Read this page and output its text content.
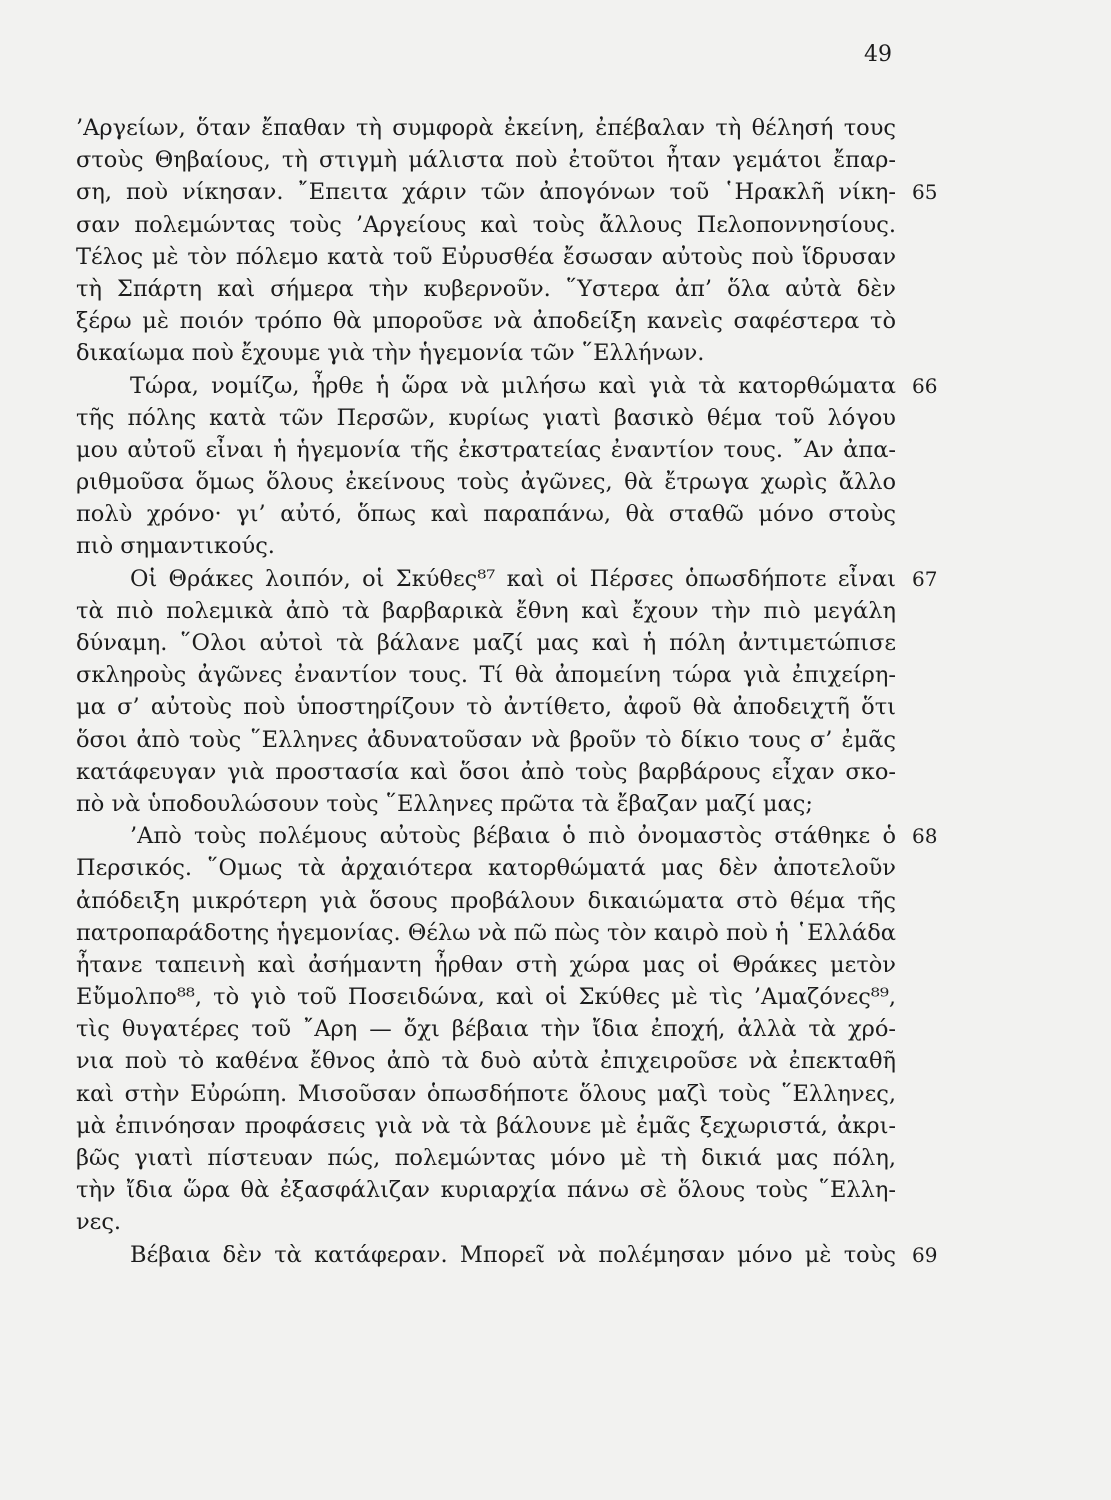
49
’Αργείων, ὅταν ἔπαθαν τὴ συμφορὰ ἐκείνη, ἐπέβαλαν τὴ θέλησή τους
στοὺς Θηβαίους, τὴ στιγμὴ μάλιστα ποὺ ἐτοῦτοι ἦταν γεμάτοι ἔπαρ-
ση, ποὺ νίκησαν. ῎Επειτα χάριν τῶν ἀπογόνων τοῦ ῾Ηρακλῆ νίκη- 65
σαν πολεμώντας τοὺς ’Αργείους καὶ τοὺς ἄλλους Πελοποννησίους.
Τέλος μὲ τὸν πόλεμο κατὰ τοῦ Εὐρυσθέα ἔσωσαν αὐτοὺς ποὺ ἵδρυσαν
τὴ Σπάρτη καὶ σήμερα τὴν κυβερνοῦν. ῞Υστερα ἀπ’ ὅλα αὐτὰ δὲν
ξέρω μὲ ποιόν τρόπο θὰ μποροῦσε νὰ ἀποδείξη κανεὶς σαφέστερα τὸ
δικαίωμα ποὺ ἔχουμε γιὰ τὴν ἡγεμονία τῶν ῞Ελλήνων.
Τώρα, νομίζω, ἦρθε ἡ ὥρα νὰ μιλήσω καὶ γιὰ τὰ κατορθώματα 66
τῆς πόλης κατὰ τῶν Περσῶν, κυρίως γιατὶ βασικὸ θέμα τοῦ λόγου
μου αὐτοῦ εἶναι ἡ ἡγεμονία τῆς ἐκστρατείας ἐναντίον τους. ῎Αν ἀπα-
ριθμοῦσα ὅμως ὅλους ἐκείνους τοὺς ἀγῶνες, θὰ ἔτρωγα χωρὶς ἄλλο
πολὺ χρόνο· γι’ αὐτό, ὅπως καὶ παραπάνω, θὰ σταθῶ μόνο στοὺς
πιὸ σημαντικούς.
Οἱ Θράκες λοιπόν, οἱ Σκύθες⁸⁷ καὶ οἱ Πέρσες ὁπωσδήποτε εἶναι 67
τὰ πιὸ πολεμικὰ ἀπὸ τὰ βαρβαρικὰ ἔθνη καὶ ἔχουν τὴν πιὸ μεγάλη
δύναμη. ῞Ολοι αὐτοὶ τὰ βάλανε μαζί μας καὶ ἡ πόλη ἀντιμετώπισε
σκληροὺς ἀγῶνες ἐναντίον τους. Τί θὰ ἀπομείνη τώρα γιὰ ἐπιχείρη-
μα σ’ αὐτοὺς ποὺ ὑποστηρίζουν τὸ ἀντίθετο, ἀφοῦ θὰ ἀποδειχτῆ ὅτι
ὅσοι ἀπὸ τοὺς ῞Ελληνες ἀδυνατοῦσαν νὰ βροῦν τὸ δίκιο τους σ’ ἐμᾶς
κατάφευγαν γιὰ προστασία καὶ ὅσοι ἀπὸ τοὺς βαρβάρους εἶχαν σκο-
πὸ νὰ ὑποδουλώσουν τοὺς ῞Ελληνες πρῶτα τὰ ἔβαζαν μαζί μας;
’Απὸ τοὺς πολέμους αὐτοὺς βέβαια ὁ πιὸ ὀνομαστὸς στάθηκε ὁ 68
Περσικός. ῞Ομως τὰ ἀρχαιότερα κατορθώματά μας δὲν ἀποτελοῦν
ἀπόδειξη μικρότερη γιὰ ὅσους προβάλουν δικαιώματα στὸ θέμα τῆς
πατροπαράδοτης ἡγεμονίας. Θέλω νὰ πῶ πὼς τὸν καιρὸ ποὺ ἡ ῾Ελλάδα
ἦτανε ταπεινὴ καὶ ἀσήμαντη ἦρθαν στὴ χώρα μας οἱ Θράκες μετὸν
Εὔμολπο⁸⁸, τὸ γιὸ τοῦ Ποσειδώνα, καὶ οἱ Σκύθες μὲ τὶς ’Αμαζόνες⁸⁹,
τὶς θυγατέρες τοῦ ῎Αρη — ὄχι βέβαια τὴν ἴδια ἐποχή, ἀλλὰ τὰ χρό-
νια ποὺ τὸ καθένα ἔθνος ἀπὸ τὰ δυὸ αὐτὰ ἐπιχειροῦσε νὰ ἐπεκταθῆ
καὶ στὴν Εὐρώπη. Μισοῦσαν ὁπωσδήποτε ὅλους μαζὶ τοὺς ῞Ελληνες,
μὰ ἐπινόησαν προφάσεις γιὰ νὰ τὰ βάλουνε μὲ ἐμᾶς ξεχωριστά, ἀκρι-
βῶς γιατὶ πίστευαν πώς, πολεμώντας μόνο μὲ τὴ δικιά μας πόλη,
τὴν ἴδια ὥρα θὰ ἐξασφάλιζαν κυριαρχία πάνω σὲ ὅλους τοὺς ῞Ελλη-
νες.
Βέβαια δὲν τὰ κατάφεραν. Μπορεῖ νὰ πολέμησαν μόνο μὲ τοὺς 69
